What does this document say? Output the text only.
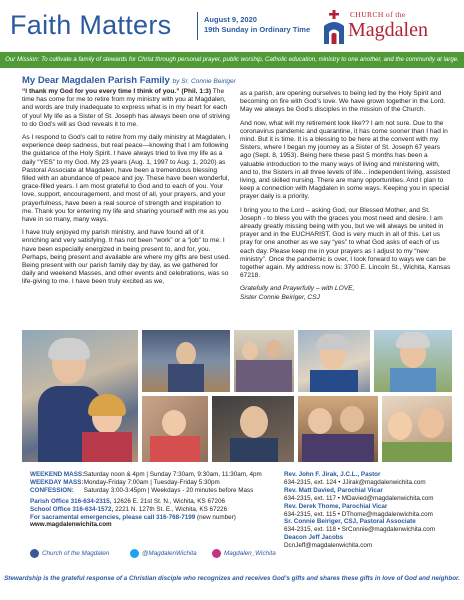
Faith Matters	August 9, 2020
19th Sunday in Ordinary Time
CHURCH of the
Magdalen
Our Mission: To cultivate a family of stewards for Christ through personal prayer, public worship, Catholic education, ministry to one another, and the community at large.
My Dear Magdalen Parish Family by Sr. Connie Beiriger

“I thank my God for you every time I think of you.” (Phil. 1:3) The time has come for me to retire from my ministry with you at Magdalen, and words are truly inadequate to express what is in my heart for each of you! My life as a Sister of St. Joseph has always been one of striving to do God’s will as God reveals it to me.

As I respond to God’s call to retire from my daily ministry at Magdalen, I experience deep sadness, but real peace—knowing that I am following the guidance of the Holy Spirit. I have always tried to live my life as a daily “YES” to my God. My 23 years (Aug. 1, 1997 to Aug. 1, 2020) as Pastoral Associate at Magdalen, have been a tremendous blessing filled with an abundance of peace and joy. These have been wonderful, grace-filled years. I am most grateful to God and to each of you. Your love, support, encouragement, and most of all, your prayers, and your prayerfulness, have been a real source of strength and inspiration to me. Thank you for entering my life and sharing yourself with me as you have in so many, many ways.

I have truly enjoyed my parish ministry, and have found all of it enriching and very satisfying. It has not been “work” or a “job” to me. I have been especially energized in being present to, and for, you. Perhaps, being present and available are where my gifts are best used. Being present with our parish family day by day, as we gathered for daily and weekend Masses, and other events and celebrations, was so life-giving to me. I have been truly excited as we,

as a parish, are opening ourselves to being led by the Holy Spirit and becoming on fire with God’s love. We have grown together in the Lord. May we always be God’s disciples in the mission of the Church.

And now, what will my retirement look like?? I am not sure. Due to the coronavirus pandemic and quarantine, it has come sooner than I had in mind. But it is time. It is a blessing to be here at the convent with my Sisters, where I began my journey as a Sister of St. Joseph 67 years ago (Sept. 8, 1953). Being here these past 5 months has been a valuable introduction to the many ways of living and ministering with, and to, the Sisters in all three levels of life... independent living, assisted living, and skilled nursing. There are many opportunities. And I plan to keep a connection with Magdalen in some ways. Keeping you in special prayer daily is a priority.

I bring you to the Lord – asking God, our Blessed Mother, and St. Joseph - to bless you with the graces you most need and desire. I am already greatly missing being with you, but we will always be united in prayer and in the EUCHARIST. God is very much in all of this. Let us pray for one another as we say “yes” to what God asks of each of us each day. Please keep me in your prayers as I adjust to my “new ministry”. Once the pandemic is over, I look forward to ways we can be together again. My address now is: 3700 E. Lincoln St., Wichita, Kansas 67218.

Gratefully and Prayerfully – with LOVE,
Sister Connie Beiriger, CSJ

WEEKEND MASS: Saturday noon & 4pm | Sunday 7:30am, 9:30am, 11:30am, 4pm
WEEKDAY MASS: Monday-Friday 7:00am | Tuesday-Friday 5:30pm
CONFESSION: Saturday 3:00-3:45pm | Weekdays - 20 minutes before Mass
Parish Office 316-634-2315, 12626 E. 21st St. N., Wichita, KS 67206
School Office 316-634-1572, 2221 N. 127th St. E., Wichita, KS 67226
For sacramental emergencies, please call 316-768-7199 (new number)
www.magdalenwichita.com
Rev. John F. Jirak, J.C.L., Pastor
634-2315, ext. 124 • JJirak@magdalenwichita.com
Rev. Matt Davied, Parochial Vicar
634-2315, ext. 117 • MDavied@magdalenwichita.com
Rev. Derek Thome, Parochial Vicar
634-2315, ext. 115 • DThome@magdalenwichita.com
Sr. Connie Beiriger, CSJ, Pastoral Associate
634-2315, ext. 118 • SrConnie@magdalenwichita.com
Deacon Jeff Jacobs
DcnJeff@magdalenwichita.com
Church of the Magdalen	@MagdalenWichita	Magdalen_Wichita
Stewardship is the grateful response of a Christian disciple who recognizes and receives God’s gifts and shares these gifts in love of God and neighbor.
